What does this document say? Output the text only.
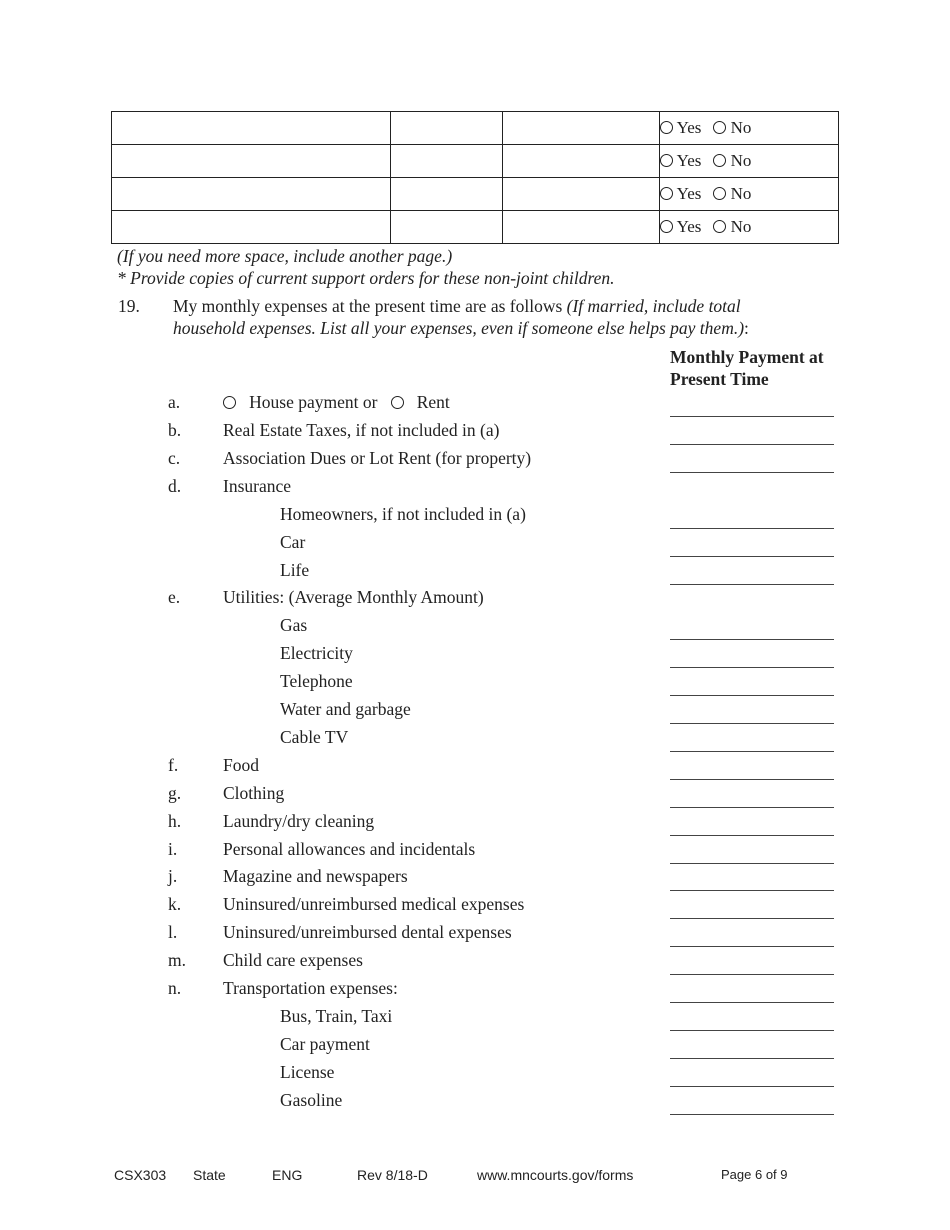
			Yes No
			Yes No
			Yes No
			Yes No
(If you need more space, include another page.)
* Provide copies of current support orders for these non-joint children.
19. My monthly expenses at the present time are as follows (If married, include total
household expenses. List all your expenses, even if someone else helps pay them.):
Monthly Payment at
Present Time
a.	House payment or Rent
b. Real Estate Taxes, if not included in (a)
c. Association Dues or Lot Rent (for property)
d. Insurance
Homeowners, if not included in (a)
Car
Life
e. Utilities: (Average Monthly Amount)
Gas
Electricity
Telephone
Water and garbage
Cable TV
f.	Food
g. Clothing
h. Laundry/dry cleaning
i.	Personal allowances and incidentals
j.	Magazine and newspapers
k. Uninsured/unreimbursed medical expenses
l.	Uninsured/unreimbursed dental expenses
m. Child care expenses
n. Transportation expenses:
Bus, Train, Taxi
Car payment
License
Gasoline
CSX303 State	ENG	Rev 8/18-D	www.mncourts.gov/forms	Page 6 of 9
